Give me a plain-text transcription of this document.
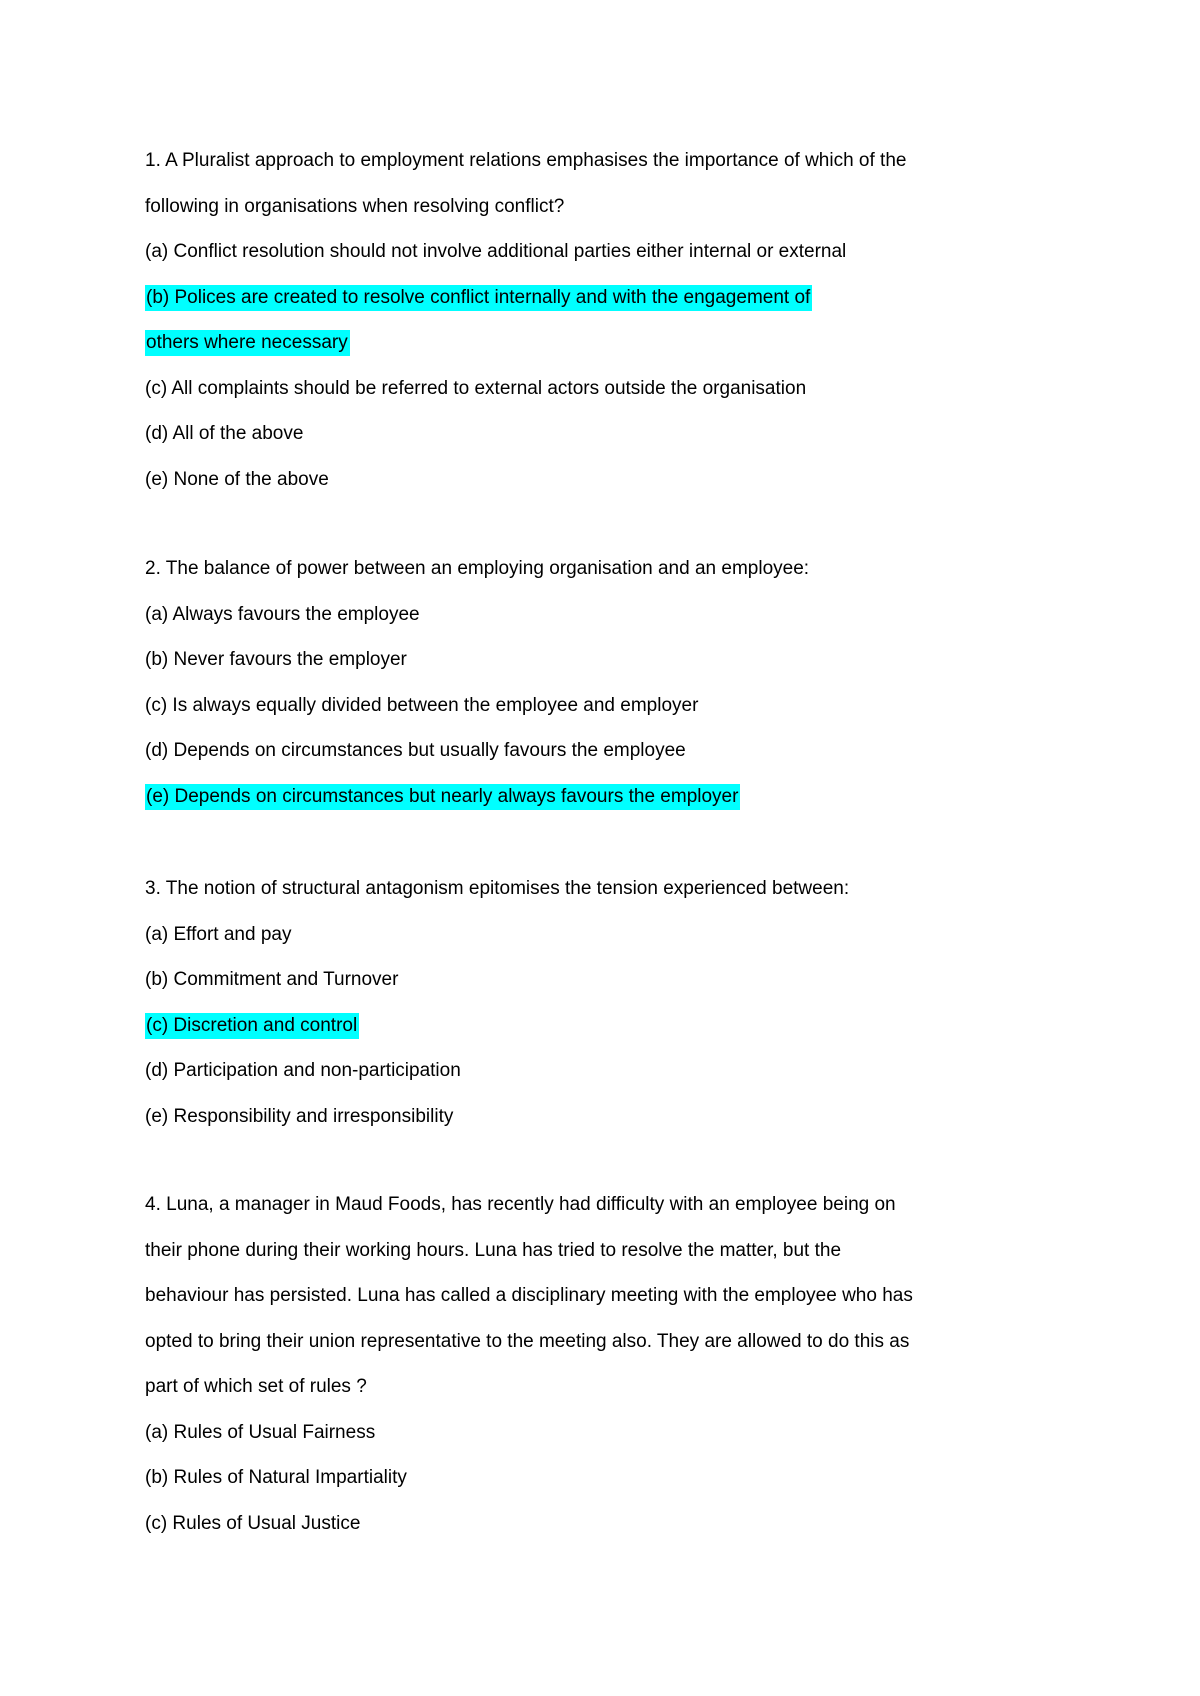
1. A Pluralist approach to employment relations emphasises the importance of which of the
following in organisations when resolving conflict?
(a) Conflict resolution should not involve additional parties either internal or external
(b) Polices are created to resolve conflict internally and with the engagement of
others where necessary
(c) All complaints should be referred to external actors outside the organisation
(d) All of the above
(e) None of the above
2. The balance of power between an employing organisation and an employee:
(a) Always favours the employee
(b) Never favours the employer
(c) Is always equally divided between the employee and employer
(d) Depends on circumstances but usually favours the employee
(e) Depends on circumstances but nearly always favours the employer
3. The notion of structural antagonism epitomises the tension experienced between:
(a) Effort and pay
(b) Commitment and Turnover
(c) Discretion and control
(d) Participation and non-participation
(e) Responsibility and irresponsibility
4. Luna, a manager in Maud Foods, has recently had difficulty with an employee being on
their phone during their working hours. Luna has tried to resolve the matter, but the
behaviour has persisted. Luna has called a disciplinary meeting with the employee who has
opted to bring their union representative to the meeting also. They are allowed to do this as
part of which set of rules ?
(a) Rules of Usual Fairness
(b) Rules of Natural Impartiality
(c) Rules of Usual Justice
